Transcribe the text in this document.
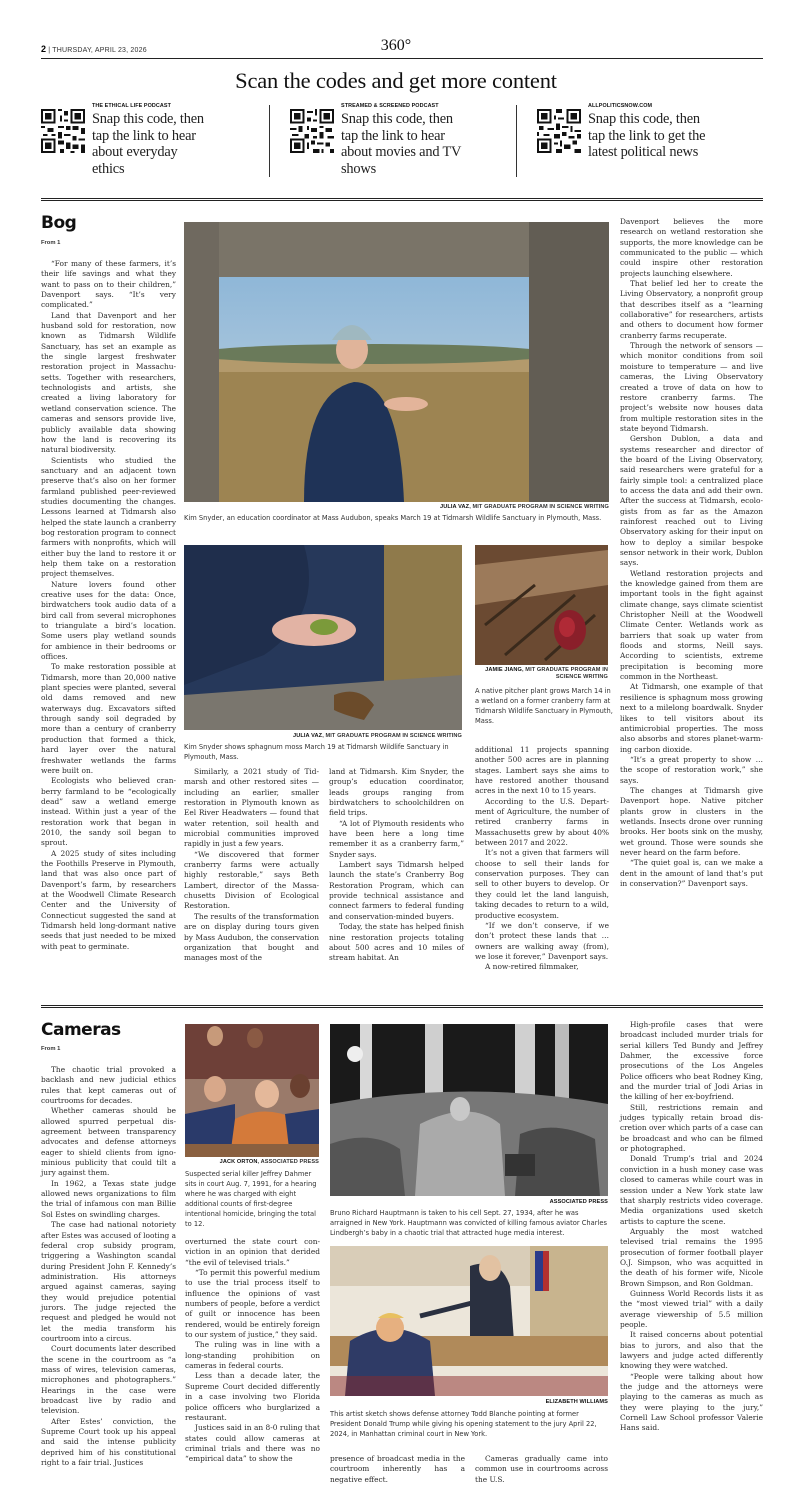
2 | THURSDAY, APRIL 23, 2026	360°
Scan the codes and get more content
THE ETHICAL LIFE PODCAST
Snap this code, then tap the link to hear about everyday ethics
STREAMED & SCREENED PODCAST
Snap this code, then tap the link to hear about movies and TV shows
ALLPOLITICSNOW.COM
Snap this code, then tap the link to get the latest political news
Bog
From 1

“For many of these farmers, it’s their life savings and what they want to pass on to their children,” Davenport says. “It’s very complicated.”

Land that Davenport and her husband sold for restoration, now known as Tidmarsh Wildlife Sanctuary, has set an example as the single largest freshwater restoration project in Massachusetts. Together with researchers, technologists and artists, she created a living laboratory for wetland conservation science. The cameras and sensors provide live, publicly available data showing how the land is recovering its natural biodiversity.

Scientists who studied the sanctuary and an adjacent town preserve that’s also on her former farmland published peer-reviewed studies documenting the changes. Lessons learned at Tidmarsh also helped the state launch a cranberry bog restoration program to connect farmers with nonprofits, which will either buy the land to restore it or help them take on a restoration project themselves.

Nature lovers found other creative uses for the data: Once, birdwatchers took audio data of a bird call from several microphones to triangulate a bird’s location. Some users play wetland sounds for ambience in their bedrooms or offices.

To make restoration possible at Tidmarsh, more than 20,000 native plant species were planted, several old dams removed and new waterways dug. Excavators sifted through sandy soil degraded by more than a century of cranberry production that formed a thick, hard layer over the natural freshwater wetlands the farms were built on.

Ecologists who believed cranberry farmland to be “ecologically dead” saw a wetland emerge instead. Within just a year of the restoration work that began in 2010, the sandy soil began to sprout.

A 2025 study of sites including the Foothills Preserve in Plymouth, land that was also once part of Davenport’s farm, by researchers at the Woodwell Climate Research Center and the University of Connecticut suggested the sand at Tidmarsh held long-dormant native seeds that just needed to be mixed with peat to germinate.

JULIA VAZ, MIT GRADUATE PROGRAM IN SCIENCE WRITING
Kim Snyder, an education coordinator at Mass Audubon, speaks March 19 at Tidmarsh Wildlife Sanctuary in Plymouth, Mass.
JULIA VAZ, MIT GRADUATE PROGRAM IN SCIENCE WRITING
Kim Snyder shows sphagnum moss March 19 at Tidmarsh Wildlife Sanctuary in Plymouth, Mass.
JAMIE JIANG, MIT GRADUATE PROGRAM IN SCIENCE WRITING
A native pitcher plant grows March 14 in a wetland on a former cranberry farm at Tidmarsh Wildlife Sanctuary in Plymouth, Mass.

Similarly, a 2021 study of Tidmarsh and other restored sites — including an earlier, smaller restoration in Plymouth known as Eel River Headwaters — found that water retention, soil health and microbial communities improved rapidly in just a few years.

“We discovered that former cranberry farms were actually highly restorable,” says Beth Lambert, director of the Massachusetts Division of Ecological Restoration.

The results of the transformation are on display during tours given by Mass Audubon, the conservation organization that bought and manages most of the

land at Tidmarsh. Kim Snyder, the group’s education coordinator, leads groups ranging from birdwatchers to schoolchildren on field trips.

“A lot of Plymouth residents who have been here a long time remember it as a cranberry farm,” Snyder says.

Lambert says Tidmarsh helped launch the state’s Cranberry Bog Restoration Program, which can provide technical assistance and connect farmers to federal funding and conservation-minded buyers.

Today, the state has helped finish nine restoration projects totaling about 500 acres and 10 miles of stream habitat. An

additional 11 projects spanning another 500 acres are in planning stages. Lambert says she aims to have restored another thousand acres in the next 10 to 15 years.

According to the U.S. Department of Agriculture, the number of retired cranberry farms in Massachusetts grew by about 40% between 2017 and 2022.

It’s not a given that farmers will choose to sell their lands for conservation purposes. They can sell to other buyers to develop. Or they could let the land languish, taking decades to return to a wild, productive ecosystem.

“If we don’t conserve, if we don’t protect these lands that … owners are walking away (from), we lose it forever,” Davenport says.

A now-retired filmmaker,

Davenport believes the more research on wetland restoration she supports, the more knowledge can be communicated to the public — which could inspire other restoration projects launching elsewhere.

That belief led her to create the Living Observatory, a nonprofit group that describes itself as a “learning collaborative” for researchers, artists and others to document how former cranberry farms recuperate.

Through the network of sensors — which monitor conditions from soil moisture to temperature — and live cameras, the Living Observatory created a trove of data on how to restore cranberry farms. The project’s website now houses data from multiple restoration sites in the state beyond Tidmarsh.

Gershon Dublon, a data and systems researcher and director of the board of the Living Observatory, said researchers were grateful for a fairly simple tool: a centralized place to access the data and add their own. After the success at Tidmarsh, ecologists from as far as the Amazon rainforest reached out to Living Observatory asking for their input on how to deploy a similar bespoke sensor network in their work, Dublon says.

Wetland restoration projects and the knowledge gained from them are important tools in the fight against climate change, says climate scientist Christopher Neill at the Woodwell Climate Center. Wetlands work as barriers that soak up water from floods and storms, Neill says. According to scientists, extreme precipitation is becoming more common in the Northeast.

At Tidmarsh, one example of that resilience is sphagnum moss growing next to a milelong boardwalk. Snyder likes to tell visitors about its antimicrobial properties. The moss also absorbs and stores planet-warming carbon dioxide.

“It’s a great property to show … the scope of restoration work,” she says.

The changes at Tidmarsh give Davenport hope. Native pitcher plants grow in clusters in the wetlands. Insects drone over running brooks. Her boots sink on the mushy, wet ground. Those were sounds she never heard on the farm before.

“The quiet goal is, can we make a dent in the amount of land that’s put in conservation?” Davenport says.

Cameras
From 1

The chaotic trial provoked a backlash and new judicial ethics rules that kept cameras out of courtrooms for decades.

Whether cameras should be allowed spurred perpetual disagreement between transparency advocates and defense attorneys eager to shield clients from ignominious publicity that could tilt a jury against them.

In 1962, a Texas state judge allowed news organizations to film the trial of infamous con man Billie Sol Estes on swindling charges.

The case had national notoriety after Estes was accused of looting a federal crop subsidy program, triggering a Washington scandal during President John F. Kennedy’s administration. His attorneys argued against cameras, saying they would prejudice potential jurors. The judge rejected the request and pledged he would not let the media transform his courtroom into a circus.

Court documents later described the scene in the courtroom as “a mass of wires, television cameras, microphones and photographers.” Hearings in the case were broadcast live by radio and television.

After Estes’ conviction, the Supreme Court took up his appeal and said the intense publicity deprived him of his constitutional right to a fair trial. Justices

JACK ORTON, ASSOCIATED PRESS
Suspected serial killer Jeffrey Dahmer sits in court Aug. 7, 1991, for a hearing where he was charged with eight additional counts of first-degree intentional homicide, bringing the total to 12.

overturned the state court conviction in an opinion that derided “the evil of televised trials.”

“To permit this powerful medium to use the trial process itself to influence the opinions of vast numbers of people, before a verdict of guilt or innocence has been rendered, would be entirely foreign to our system of justice,” they said.

The ruling was in line with a long-standing prohibition on cameras in federal courts.

Less than a decade later, the Supreme Court decided differently in a case involving two Florida police officers who burglarized a restaurant.

Justices said in an 8-0 ruling that states could allow cameras at criminal trials and there was no “empirical data” to show the

ASSOCIATED PRESS
Bruno Richard Hauptmann is taken to his cell Sept. 27, 1934, after he was arraigned in New York. Hauptmann was convicted of killing famous aviator Charles Lindbergh’s baby in a chaotic trial that attracted huge media interest.
ELIZABETH WILLIAMS
This artist sketch shows defense attorney Todd Blanche pointing at former President Donald Trump while giving his opening statement to the jury April 22, 2024, in Manhattan criminal court in New York.

presence of broadcast media in the courtroom inherently has a negative effect.

Cameras gradually came into common use in courtrooms across the U.S.

High-profile cases that were broadcast included murder trials for serial killers Ted Bundy and Jeffrey Dahmer, the excessive force prosecutions of the Los Angeles Police officers who beat Rodney King, and the murder trial of Jodi Arias in the killing of her ex-boyfriend.

Still, restrictions remain and judges typically retain broad discretion over which parts of a case can be broadcast and who can be filmed or photographed.

Donald Trump’s trial and 2024 conviction in a hush money case was closed to cameras while court was in session under a New York state law that sharply restricts video coverage. Media organizations used sketch artists to capture the scene.

Arguably the most watched televised trial remains the 1995 prosecution of former football player O.J. Simpson, who was acquitted in the death of his former wife, Nicole Brown Simpson, and Ron Goldman.

Guinness World Records lists it as the “most viewed trial” with a daily average viewership of 5.5 million people.

It raised concerns about potential bias to jurors, and also that the lawyers and judge acted differently knowing they were watched.

“People were talking about how the judge and the attorneys were playing to the cameras as much as they were playing to the jury,” Cornell Law School professor Valerie Hans said.
